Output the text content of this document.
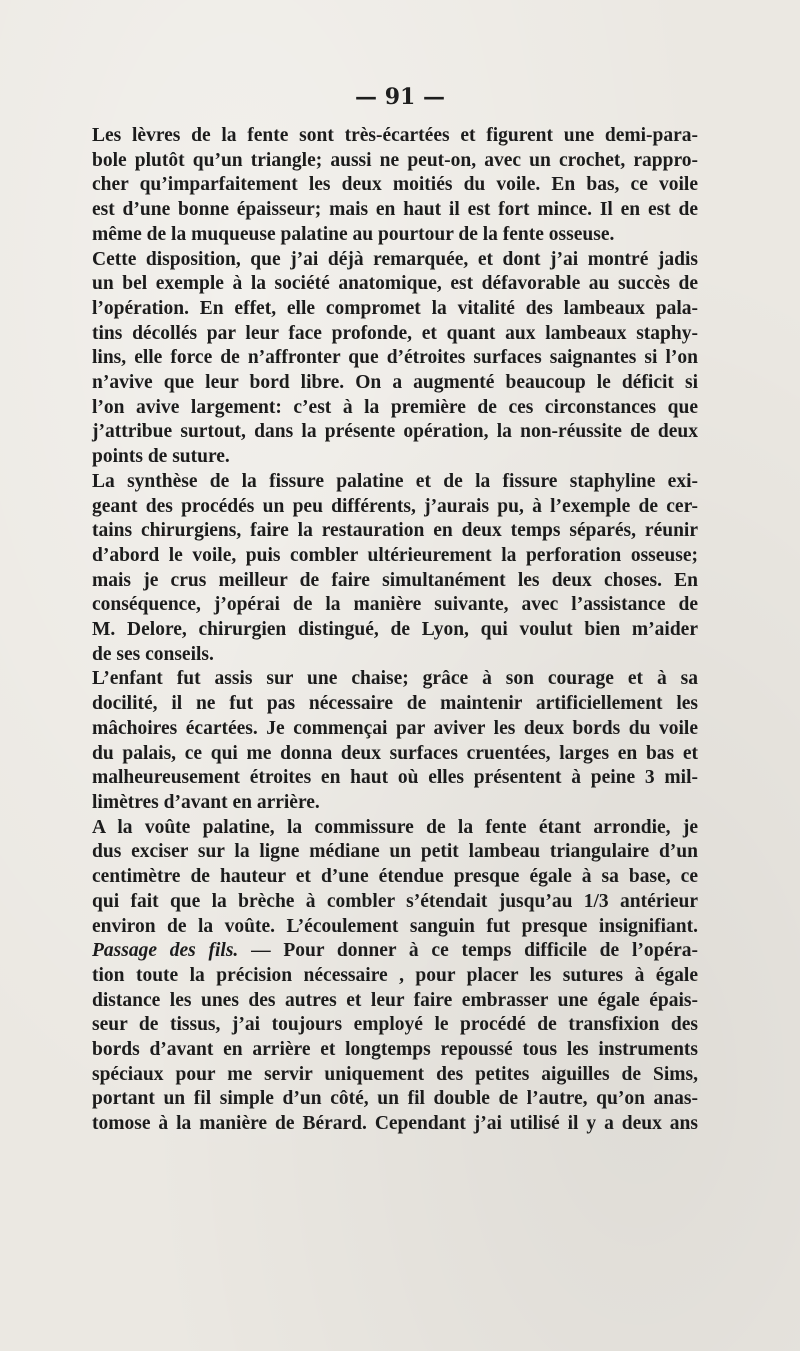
— 91 —
Les lèvres de la fente sont très-écartées et figurent une demi-para-
bole plutôt qu’un triangle; aussi ne peut-on, avec un crochet, rappro-
cher qu’imparfaitement les deux moitiés du voile. En bas, ce voile
est d’une bonne épaisseur; mais en haut il est fort mince. Il en est de
même de la muqueuse palatine au pourtour de la fente osseuse.
Cette disposition, que j’ai déjà remarquée, et dont j’ai montré jadis
un bel exemple à la société anatomique, est défavorable au succès de
l’opération. En effet, elle compromet la vitalité des lambeaux pala-
tins décollés par leur face profonde, et quant aux lambeaux staphy-
lins, elle force de n’affronter que d’étroites surfaces saignantes si l’on
n’avive que leur bord libre. On a augmenté beaucoup le déficit si
l’on avive largement: c’est à la première de ces circonstances que
j’attribue surtout, dans la présente opération, la non-réussite de deux
points de suture.
La synthèse de la fissure palatine et de la fissure staphyline exi-
geant des procédés un peu différents, j’aurais pu, à l’exemple de cer-
tains chirurgiens, faire la restauration en deux temps séparés, réunir
d’abord le voile, puis combler ultérieurement la perforation osseuse;
mais je crus meilleur de faire simultanément les deux choses. En
conséquence, j’opérai de la manière suivante, avec l’assistance de
M. Delore, chirurgien distingué, de Lyon, qui voulut bien m’aider
de ses conseils.
L’enfant fut assis sur une chaise; grâce à son courage et à sa
docilité, il ne fut pas nécessaire de maintenir artificiellement les
mâchoires écartées. Je commençai par aviver les deux bords du voile
du palais, ce qui me donna deux surfaces cruentées, larges en bas et
malheureusement étroites en haut où elles présentent à peine 3 mil-
limètres d’avant en arrière.
A la voûte palatine, la commissure de la fente étant arrondie, je
dus exciser sur la ligne médiane un petit lambeau triangulaire d’un
centimètre de hauteur et d’une étendue presque égale à sa base, ce
qui fait que la brèche à combler s’étendait jusqu’au 1/3 antérieur
environ de la voûte. L’écoulement sanguin fut presque insignifiant.
Passage des fils. — Pour donner à ce temps difficile de l’opéra-
tion toute la précision nécessaire , pour placer les sutures à égale
distance les unes des autres et leur faire embrasser une égale épais-
seur de tissus, j’ai toujours employé le procédé de transfixion des
bords d’avant en arrière et longtemps repoussé tous les instruments
spéciaux pour me servir uniquement des petites aiguilles de Sims,
portant un fil simple d’un côté, un fil double de l’autre, qu’on anas-
tomose à la manière de Bérard. Cependant j’ai utilisé il y a deux ans
